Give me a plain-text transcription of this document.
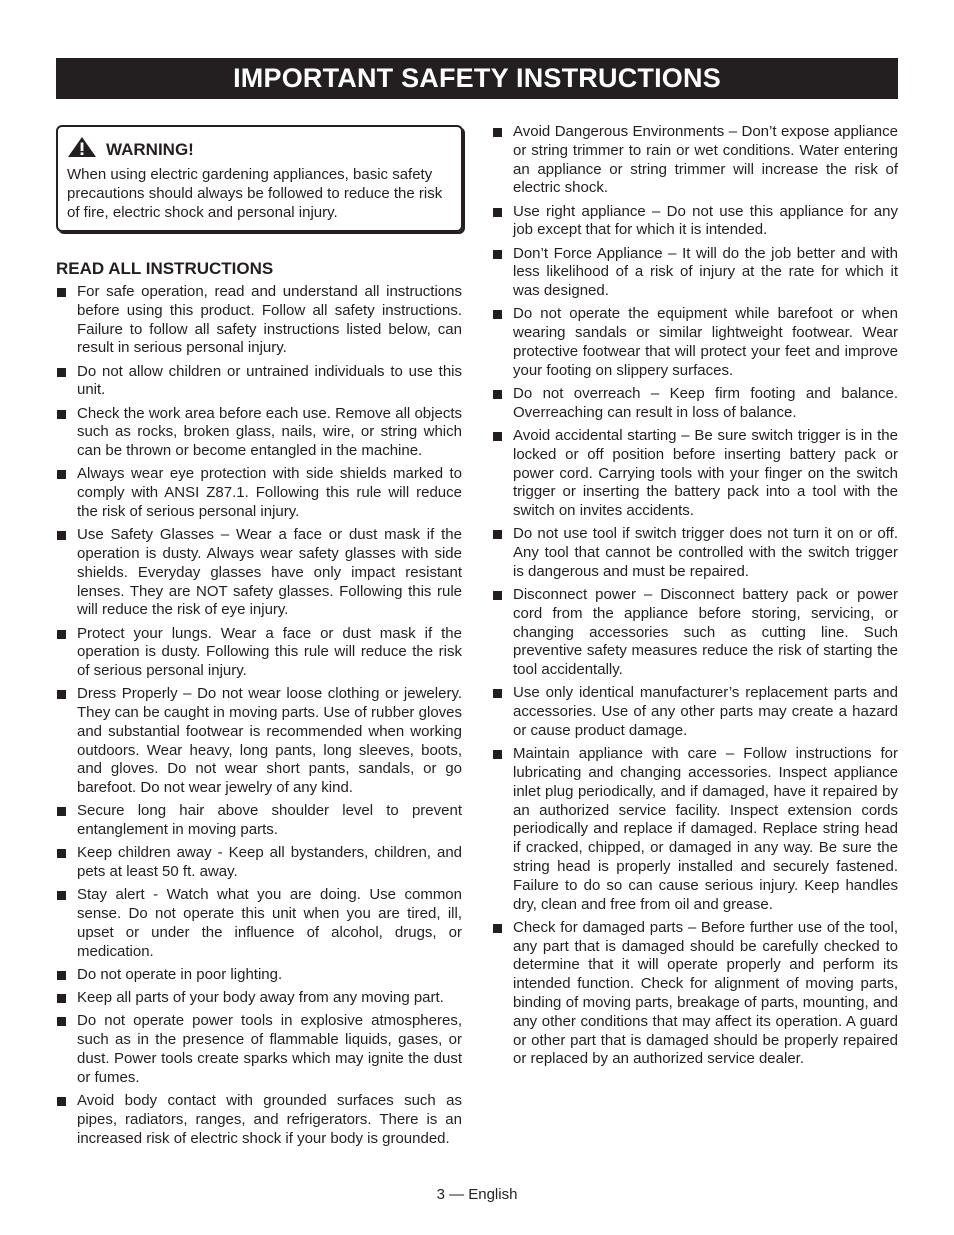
IMPORTANT SAFETY INSTRUCTIONS
WARNING!
When using electric gardening appliances, basic safety precautions should always be followed to reduce the risk of fire, electric shock and personal injury.
READ ALL INSTRUCTIONS
For safe operation, read and understand all instructions before using this product. Follow all safety instructions. Failure to follow all safety instructions listed below, can result in serious personal injury.
Do not allow children or untrained individuals to use this unit.
Check the work area before each use. Remove all objects such as rocks, broken glass, nails, wire, or string which can be thrown or become entangled in the machine.
Always wear eye protection with side shields marked to comply with ANSI Z87.1. Following this rule will reduce the risk of serious personal injury.
Use Safety Glasses – Wear a face or dust mask if the operation is dusty. Always wear safety glasses with side shields. Everyday glasses have only impact resistant lenses. They are NOT safety glasses. Following this rule will reduce the risk of eye injury.
Protect your lungs. Wear a face or dust mask if the operation is dusty. Following this rule will reduce the risk of serious personal injury.
Dress Properly – Do not wear loose clothing or jewelery. They can be caught in moving parts. Use of rubber gloves and substantial footwear is recommended when working outdoors. Wear heavy, long pants, long sleeves, boots, and gloves. Do not wear short pants, sandals, or go barefoot. Do not wear jewelry of any kind.
Secure long hair above shoulder level to prevent entanglement in moving parts.
Keep children away - Keep all bystanders, children, and pets at least 50 ft. away.
Stay alert - Watch what you are doing. Use common sense. Do not operate this unit when you are tired, ill, upset or under the influence of alcohol, drugs, or medication.
Do not operate in poor lighting.
Keep all parts of your body away from any moving part.
Do not operate power tools in explosive atmospheres, such as in the presence of flammable liquids, gases, or dust. Power tools create sparks which may ignite the dust or fumes.
Avoid body contact with grounded surfaces such as pipes, radiators, ranges, and refrigerators. There is an increased risk of electric shock if your body is grounded.
Avoid Dangerous Environments – Don’t expose appliance or string trimmer to rain or wet conditions. Water entering an appliance or string trimmer will increase the risk of electric shock.
Use right appliance – Do not use this appliance for any job except that for which it is intended.
Don’t Force Appliance – It will do the job better and with less likelihood of a risk of injury at the rate for which it was designed.
Do not operate the equipment while barefoot or when wearing sandals or similar lightweight footwear. Wear protective footwear that will protect your feet and improve your footing on slippery surfaces.
Do not overreach – Keep firm footing and balance. Overreaching can result in loss of balance.
Avoid accidental starting – Be sure switch trigger is in the locked or off position before inserting battery pack or power cord. Carrying tools with your finger on the switch trigger or inserting the battery pack into a tool with the switch on invites accidents.
Do not use tool if switch trigger does not turn it on or off. Any tool that cannot be controlled with the switch trigger is dangerous and must be repaired.
Disconnect power – Disconnect battery pack or power cord from the appliance before storing, servicing, or changing accessories such as cutting line. Such preventive safety measures reduce the risk of starting the tool accidentally.
Use only identical manufacturer’s replacement parts and accessories. Use of any other parts may create a hazard or cause product damage.
Maintain appliance with care – Follow instructions for lubricating and changing accessories. Inspect appliance inlet plug periodically, and if damaged, have it repaired by an authorized service facility. Inspect extension cords periodically and replace if damaged. Replace string head if cracked, chipped, or damaged in any way. Be sure the string head is properly installed and securely fastened. Failure to do so can cause serious injury. Keep handles dry, clean and free from oil and grease.
Check for damaged parts – Before further use of the tool, any part that is damaged should be carefully checked to determine that it will operate properly and perform its intended function. Check for alignment of moving parts, binding of moving parts, breakage of parts, mounting, and any other conditions that may affect its operation. A guard or other part that is damaged should be properly repaired or replaced by an authorized service dealer.
3 — English
